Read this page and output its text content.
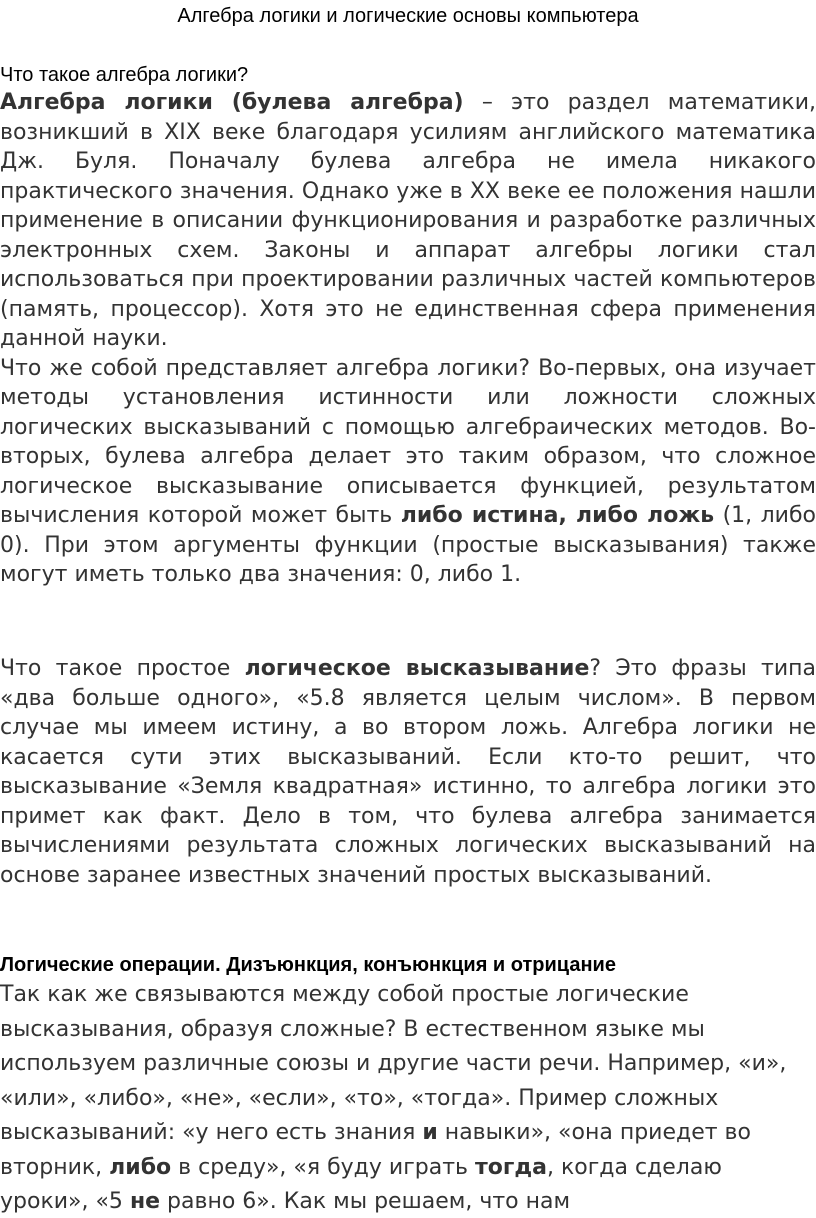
Алгебра логики и логические основы компьютера
Что такое алгебра логики?

Алгебра логики (булева алгебра) – это раздел математики, возникший в XIX веке благодаря усилиям английского математика Дж. Буля. Поначалу булева алгебра не имела никакого практического значения. Однако уже в XX веке ее положения нашли применение в описании функционирования и разработке различных электронных схем. Законы и аппарат алгебры логики стал использоваться при проектировании различных частей компьютеров (память, процессор). Хотя это не единственная сфера применения данной науки.

Что же собой представляет алгебра логики? Во-первых, она изучает методы установления истинности или ложности сложных логических высказываний с помощью алгебраических методов. Во-вторых, булева алгебра делает это таким образом, что сложное логическое высказывание описывается функцией, результатом вычисления которой может быть либо истина, либо ложь (1, либо 0). При этом аргументы функции (простые высказывания) также могут иметь только два значения: 0, либо 1.

Что такое простое логическое высказывание? Это фразы типа «два больше одного», «5.8 является целым числом». В первом случае мы имеем истину, а во втором ложь. Алгебра логики не касается сути этих высказываний. Если кто-то решит, что высказывание «Земля квадратная» истинно, то алгебра логики это примет как факт. Дело в том, что булева алгебра занимается вычислениями результата сложных логических высказываний на основе заранее известных значений простых высказываний.

Логические операции. Дизъюнкция, конъюнкция и отрицание

Так как же связываются между собой простые логические высказывания, образуя сложные? В естественном языке мы используем различные союзы и другие части речи. Например, «и», «или», «либо», «не», «если», «то», «тогда». Пример сложных высказываний: «у него есть знания и навыки», «она приедет во вторник, либо в среду», «я буду играть тогда, когда сделаю уроки», «5 не равно 6». Как мы решаем, что нам
